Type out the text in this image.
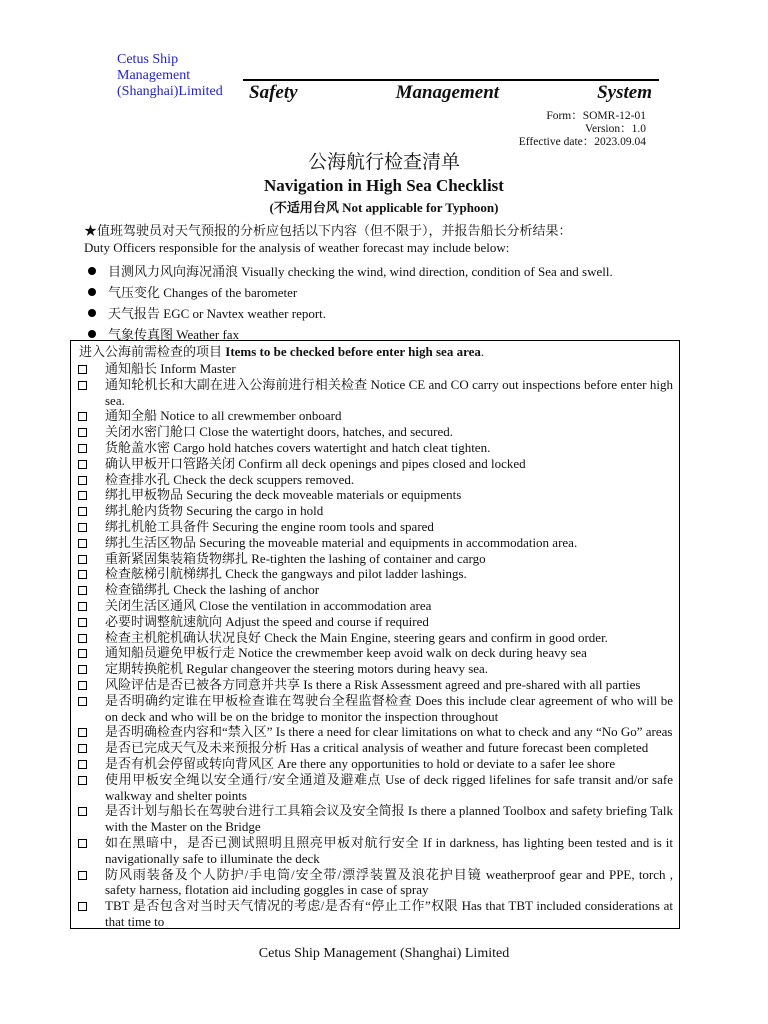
Cetus Ship Management (Shanghai)Limited	Safety	Management	System
Form：SOMR-12-01
Version：1.0
Effective date：2023.09.04
公海航行检查清单
Navigation in High Sea Checklist
(不适用台风 Not applicable for Typhoon)
★值班驾驶员对天气预报的分析应包括以下内容（但不限于），并报告船长分析结果：
Duty Officers responsible for the analysis of weather forecast may include below:
目测风力风向海况涌浪 Visually checking the wind, wind direction, condition of Sea and swell.
气压变化 Changes of the barometer
天气报告 EGC or Navtex weather report.
气象传真图 Weather fax
进入公海前需检查的项目 Items to be checked before enter high sea area.
通知船长 Inform Master
通知轮机长和大副在进入公海前进行相关检查 Notice CE and CO carry out inspections before enter high sea.
通知全船 Notice to all crewmember onboard
关闭水密门舱口 Close the watertight doors, hatches, and secured.
货舱盖水密 Cargo hold hatches covers watertight and hatch cleat tighten.
确认甲板开口管路关闭 Confirm all deck openings and pipes closed and locked
检查排水孔 Check the deck scuppers removed.
绑扎甲板物品 Securing the deck moveable materials or equipments
绑扎舱内货物 Securing the cargo in hold
绑扎机舱工具备件 Securing the engine room tools and spared
绑扎生活区物品 Securing the moveable material and equipments in accommodation area.
重新紧固集装箱货物绑扎 Re-tighten the lashing of container and cargo
检查舷梯引航梯绑扎 Check the gangways and pilot ladder lashings.
检查锚绑扎 Check the lashing of anchor
关闭生活区通风 Close the ventilation in accommodation area
必要时调整航速航向 Adjust the speed and course if required
检查主机舵机确认状况良好 Check the Main Engine, steering gears and confirm in good order.
通知船员避免甲板行走 Notice the crewmember keep avoid walk on deck during heavy sea
定期转换舵机 Regular changeover the steering motors during heavy sea.
风险评估是否已被各方同意并共享 Is there a Risk Assessment agreed and pre-shared with all parties
是否明确约定谁在甲板检查谁在驾驶台全程监督检查 Does this include clear agreement of who will be on deck and who will be on the bridge to monitor the inspection throughout
是否明确检查内容和“禁入区” Is there a need for clear limitations on what to check and any “No Go” areas
是否已完成天气及未来预报分析 Has a critical analysis of weather and future forecast been completed
是否有机会停留或转向背风区 Are there any opportunities to hold or deviate to a safer lee shore
使用甲板安全绳以安全通行/安全通道及避难点 Use of deck rigged lifelines for safe transit and/or safe walkway and shelter points
是否计划与船长在驾驶台进行工具箱会议及安全简报 Is there a planned Toolbox and safety briefing Talk with the Master on the Bridge
如在黑暗中，是否已测试照明且照亮甲板对航行安全 If in darkness, has lighting been tested and is it navigationally safe to illuminate the deck
防风雨装备及个人防护/手电筒/安全带/漂浮装置及浪花护目镜 weatherproof gear and PPE, torch , safety harness, flotation aid including goggles in case of spray
TBT 是否包含对当时天气情况的考虑/是否有“停止工作”权限 Has that TBT included considerations at that time to
Cetus Ship Management (Shanghai) Limited
